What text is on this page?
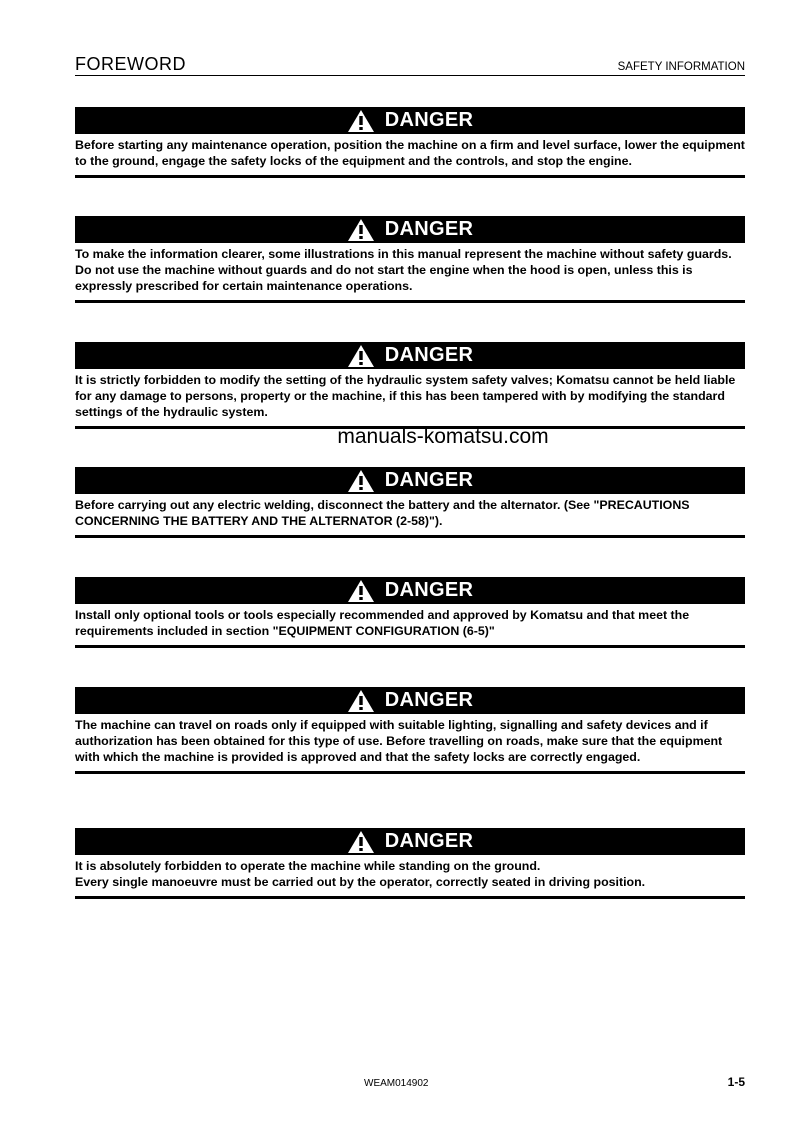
FOREWORD	SAFETY INFORMATION
DANGER

Before starting any maintenance operation, position the machine on a firm and level surface, lower the equipment to the ground, engage the safety locks of the equipment and the controls, and stop the engine.

DANGER

To make the information clearer, some illustrations in this manual represent the machine without safety guards. Do not use the machine without guards and do not start the engine when the hood is open, unless this is expressly prescribed for certain maintenance operations.

DANGER

It is strictly forbidden to modify the setting of the hydraulic system safety valves; Komatsu cannot be held liable for any damage to persons, property or the machine, if this has been tampered with by modifying the standard settings of the hydraulic system.

manuals-komatsu.com
DANGER

Before carrying out any electric welding, disconnect the battery and the alternator. (See "PRECAUTIONS CONCERNING THE BATTERY AND THE ALTERNATOR (2-58)").

DANGER

Install only optional tools or tools especially recommended and approved by Komatsu and that meet the requirements included in section "EQUIPMENT CONFIGURATION (6-5)"

DANGER

The machine can travel on roads only if equipped with suitable lighting, signalling and safety devices and if authorization has been obtained for this type of use. Before travelling on roads, make sure that the equipment with which the machine is provided is approved and that the safety locks are correctly engaged.

DANGER

It is absolutely forbidden to operate the machine while standing on the ground.

Every single manoeuvre must be carried out by the operator, correctly seated in driving position.

WEAM014902	1-5
